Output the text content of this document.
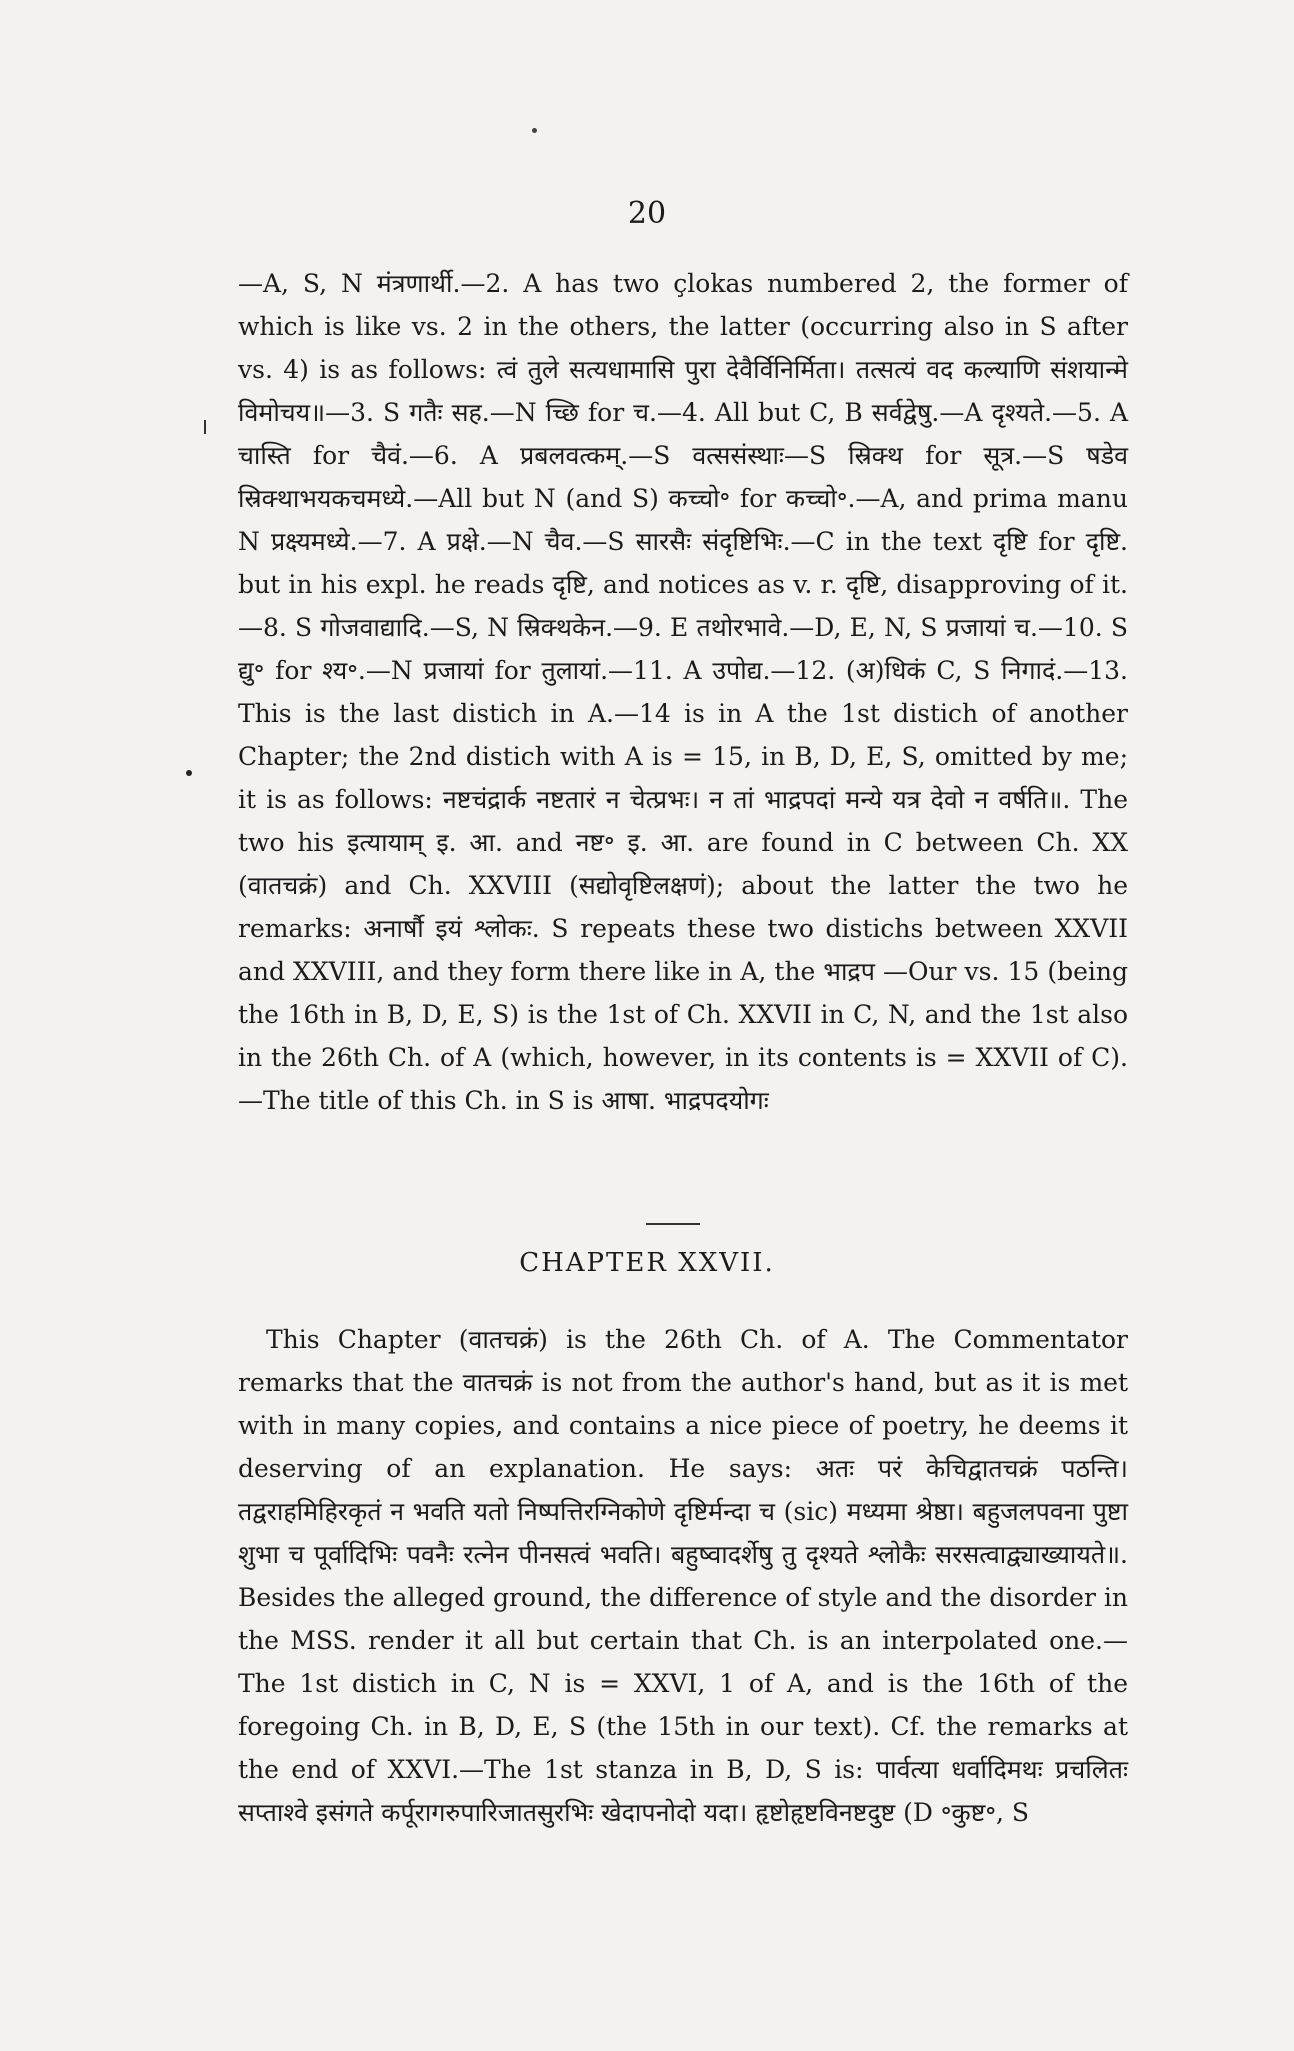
20
—A, S, N मंत्रणार्थी.—2. A has two çlokas numbered 2, the former of which is like vs. 2 in the others, the latter (occurring also in S after vs. 4) is as follows: त्वं तुले सत्यधामासि पुरा देवैर्विनिर्मिता। तत्सत्यं वद कल्याणि संशयान्मे विमोचय॥—3. S गतैः सह.—N च्छि for च.—4. All but C, B सर्वद्वेषु.—A दृश्यते.—5. A चास्ति for चैवं.—6. A प्रबलवत्कम्.—S वत्ससंस्थाः—S स्रिक्थ for सूत्र.—S षडेव स्रिक्थाभयकचमध्ये.—All but N (and S) कच्चो॰ for कच्चो॰.—A, and prima manu N प्रक्ष्यमध्ये.—7. A प्रक्षे.—N चैव.—S सारसैः संदृष्टिभिः.—C in the text दृष्टि for दृष्टि. but in his expl. he reads दृष्टि, and notices as v. r. दृष्टि, disapproving of it.—8. S गोजवाद्यादि.—S, N स्रिक्थकेन.—9. E तथोरभावे.—D, E, N, S प्रजायां च.—10. S द्यु॰ for श्य॰.—N प्रजायां for तुलायां.—11. A उपोद्य.—12. (अ)धिकं C, S निगादं.—13. This is the last distich in A.—14 is in A the 1st distich of another Chapter; the 2nd distich with A is = 15, in B, D, E, S, omitted by me; it is as follows: नष्टचंद्रार्क नष्टतारं न चेत्प्रभः। न तां भाद्रपदां मन्ये यत्र देवो न वर्षति॥. The two his इत्यायाम् इ. आ. and नष्ट॰ इ. आ. are found in C between Ch. XX (वातचक्रं) and Ch. XXVIII (सद्योवृष्टिलक्षणं); about the latter the two he remarks: अनार्षौ इयं श्लोकः. S repeats these two distichs between XXVII and XXVIII, and they form there like in A, the भाद्रप —Our vs. 15 (being the 16th in B, D, E, S) is the 1st of Ch. XXVII in C, N, and the 1st also in the 26th Ch. of A (which, however, in its contents is = XXVII of C).—The title of this Ch. in S is आषा. भाद्रपदयोगः
CHAPTER XXVII.
This Chapter (वातचक्रं) is the 26th Ch. of A. The Commentator remarks that the वातचक्रं is not from the author's hand, but as it is met with in many copies, and contains a nice piece of poetry, he deems it deserving of an explanation. He says: अतः परं केचिद्वातचक्रं पठन्ति। तद्वराहमिहिरकृतं न भवति यतो निष्पत्तिरग्निकोणे दृष्टिर्मन्दा च (sic) मध्यमा श्रेष्ठा। बहुजलपवना पुष्टा शुभा च पूर्वादिभिः पवनैः रत्नेन पीनसत्वं भवति। बहुष्वादर्शेषु तु दृश्यते श्लोकैः सरसत्वाद्व्याख्यायते॥. Besides the alleged ground, the difference of style and the disorder in the MSS. render it all but certain that Ch. is an interpolated one.—The 1st distich in C, N is = XXVI, 1 of A, and is the 16th of the foregoing Ch. in B, D, E, S (the 15th in our text). Cf. the remarks at the end of XXVI.—The 1st stanza in B, D, S is: पार्वत्या धर्वादिमथः प्रचलितः सप्ताश्वे इसंगते कर्पूरागरुपारिजातसुरभिः खेदापनोदो यदा। हृष्टोहृष्टविनष्टदुष्ट (D ॰कुष्ट॰, S
